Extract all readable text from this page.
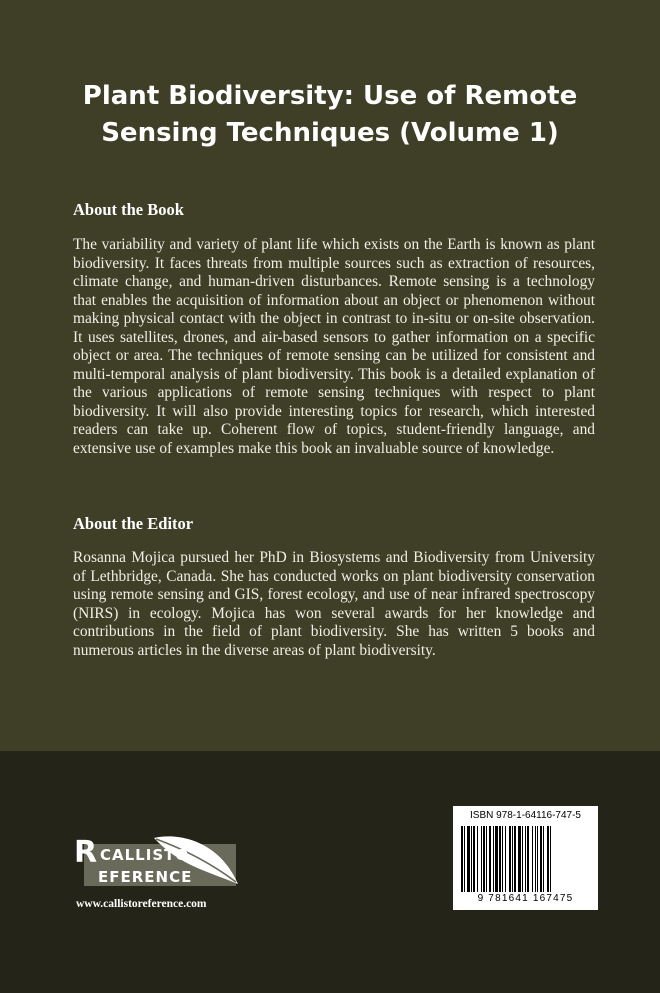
Plant Biodiversity: Use of Remote Sensing Techniques (Volume 1)
About the Book

The variability and variety of plant life which exists on the Earth is known as plant biodiversity. It faces threats from multiple sources such as extraction of resources, climate change, and human-driven disturbances. Remote sensing is a technology that enables the acquisition of information about an object or phenomenon without making physical contact with the object in contrast to in-situ or on-site observation. It uses satellites, drones, and air-based sensors to gather information on a specific object or area. The techniques of remote sensing can be utilized for consistent and multi-temporal analysis of plant biodiversity. This book is a detailed explanation of the various applications of remote sensing techniques with respect to plant biodiversity. It will also provide interesting topics for research, which interested readers can take up. Coherent flow of topics, student-friendly language, and extensive use of examples make this book an invaluable source of knowledge.

About the Editor

Rosanna Mojica pursued her PhD in Biosystems and Biodiversity from University of Lethbridge, Canada. She has conducted works on plant biodiversity conservation using remote sensing and GIS, forest ecology, and use of near infrared spectroscopy (NIRS) in ecology. Mojica has won several awards for her knowledge and contributions in the field of plant biodiversity. She has written 5 books and numerous articles in the diverse areas of plant biodiversity.

R CALLISTO
EFERENCE

www.callistoreference.com

ISBN 978-1-64116-747-5
9 781641 167475
